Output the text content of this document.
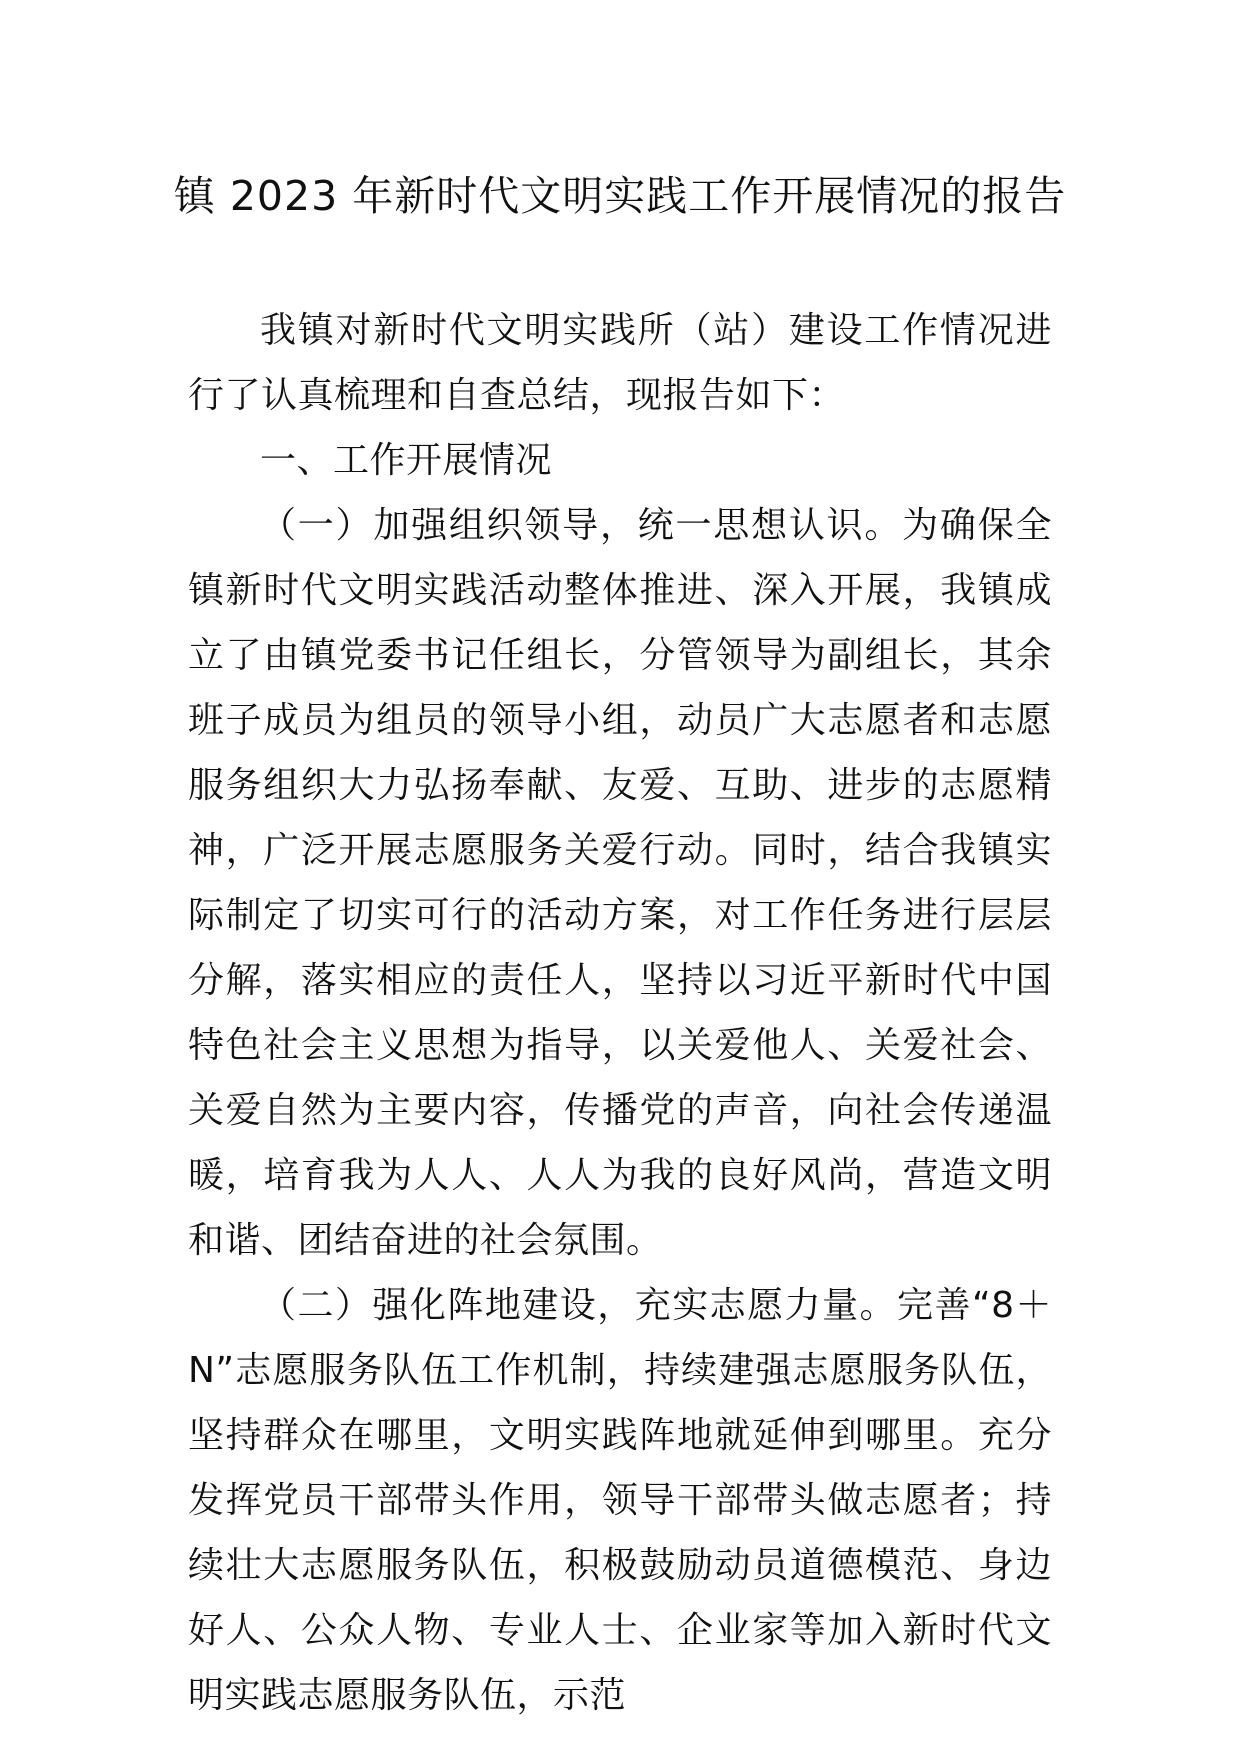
镇 2023 年新时代文明实践工作开展情况的报告

我镇对新时代文明实践所（站）建设工作情况进行了认真梳理和自查总结，现报告如下：

一、工作开展情况

（一）加强组织领导，统一思想认识。为确保全镇新时代文明实践活动整体推进、深入开展，我镇成立了由镇党委书记任组长，分管领导为副组长，其余班子成员为组员的领导小组，动员广大志愿者和志愿服务组织大力弘扬奉献、友爱、互助、进步的志愿精神，广泛开展志愿服务关爱行动。同时，结合我镇实际制定了切实可行的活动方案，对工作任务进行层层分解，落实相应的责任人，坚持以习近平新时代中国特色社会主义思想为指导，以关爱他人、关爱社会、关爱自然为主要内容，传播党的声音，向社会传递温暖，培育我为人人、人人为我的良好风尚，营造文明和谐、团结奋进的社会氛围。

（二）强化阵地建设，充实志愿力量。完善“8＋N”志愿服务队伍工作机制，持续建强志愿服务队伍，坚持群众在哪里，文明实践阵地就延伸到哪里。充分发挥党员干部带头作用，领导干部带头做志愿者；持续壮大志愿服务队伍，积极鼓励动员道德模范、身边好人、公众人物、专业人士、企业家等加入新时代文明实践志愿服务队伍，示范
